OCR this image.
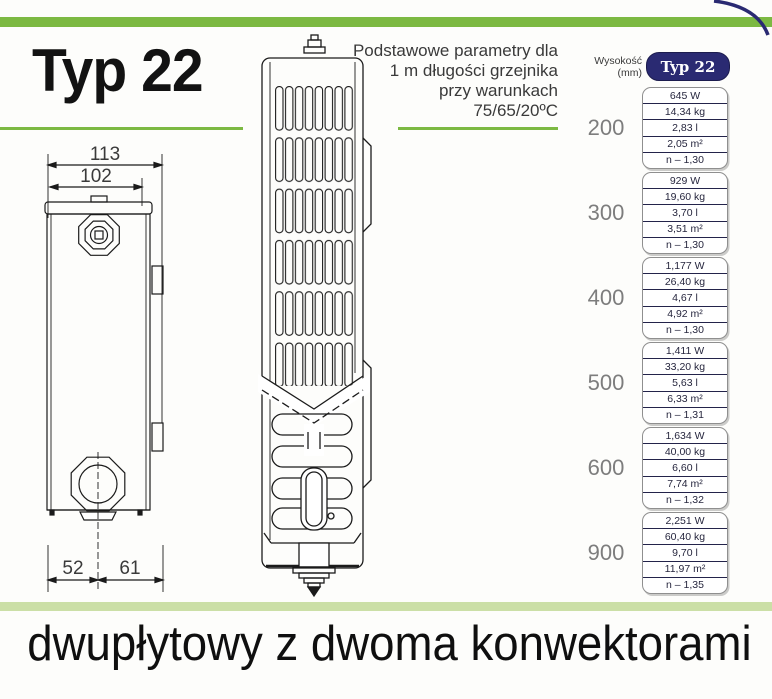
Typ 22	Podstawowe parametry dla
1 m długości grzejnika
przy warunkach
75/65/20ºC
113
102
52 61
Wysokość (mm)	Typ 22
200
645 W
14,34 kg
2,83 l
2,05 m²
n – 1,30
300
929 W
19,60 kg
3,70 l
3,51 m²
n – 1,30
400
1,177 W
26,40 kg
4,67 l
4,92 m²
n – 1,30
500
1,411 W
33,20 kg
5,63 l
6,33 m²
n – 1,31
600
1,634 W
40,00 kg
6,60 l
7,74 m²
n – 1,32
900
2,251 W
60,40 kg
9,70 l
11,97 m²
n – 1,35
dwupłytowy z dwoma konwektorami
